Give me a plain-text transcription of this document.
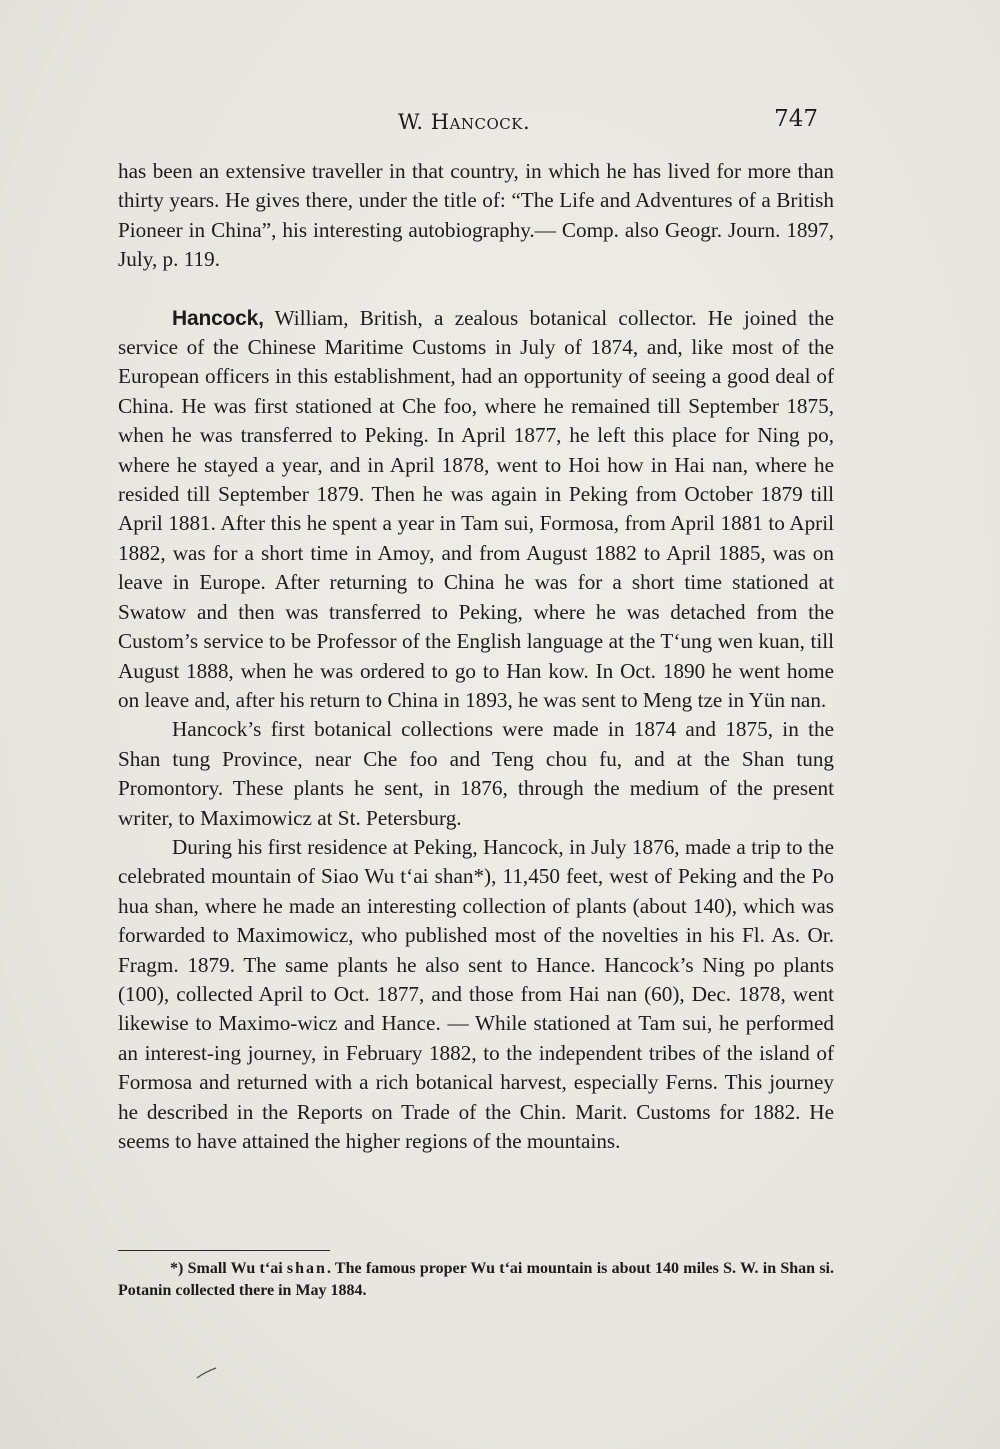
W. Hancock.	747

has been an extensive traveller in that country, in which he has lived for more than thirty years. He gives there, under the title of: “The Life and Adventures of a British Pioneer in China”, his interesting autobiography.— Comp. also Geogr. Journ. 1897, July, p. 119.

Hancock, William, British, a zealous botanical collector. He joined the service of the Chinese Maritime Customs in July of 1874, and, like most of the European officers in this establishment, had an opportunity of seeing a good deal of China. He was first stationed at Che foo, where he remained till September 1875, when he was transferred to Peking. In April 1877, he left this place for Ning po, where he stayed a year, and in April 1878, went to Hoi how in Hai nan, where he resided till September 1879. Then he was again in Peking from October 1879 till April 1881. After this he spent a year in Tam sui, Formosa, from April 1881 to April 1882, was for a short time in Amoy, and from August 1882 to April 1885, was on leave in Europe. After returning to China he was for a short time stationed at Swatow and then was transferred to Peking, where he was detached from the Custom’s service to be Professor of the English language at the T‘ung wen kuan, till August 1888, when he was ordered to go to Han kow. In Oct. 1890 he went home on leave and, after his return to China in 1893, he was sent to Meng tze in Yün nan.

Hancock’s first botanical collections were made in 1874 and 1875, in the Shan tung Province, near Che foo and Teng chou fu, and at the Shan tung Promontory. These plants he sent, in 1876, through the medium of the present writer, to Maximowicz at St. Petersburg.

During his first residence at Peking, Hancock, in July 1876, made a trip to the celebrated mountain of Siao Wu t‘ai shan*), 11,450 feet, west of Peking and the Po hua shan, where he made an interesting collection of plants (about 140), which was forwarded to Maximowicz, who published most of the novelties in his Fl. As. Or. Fragm. 1879. The same plants he also sent to Hance. Hancock’s Ning po plants (100), collected April to Oct. 1877, and those from Hai nan (60), Dec. 1878, went likewise to Maximo-wicz and Hance. — While stationed at Tam sui, he performed an interest-ing journey, in February 1882, to the independent tribes of the island of Formosa and returned with a rich botanical harvest, especially Ferns. This journey he described in the Reports on Trade of the Chin. Marit. Customs for 1882. He seems to have attained the higher regions of the mountains.

*) Small Wu t‘ai shan. The famous proper Wu t‘ai mountain is about 140 miles S. W. in Shan si. Potanin collected there in May 1884.
